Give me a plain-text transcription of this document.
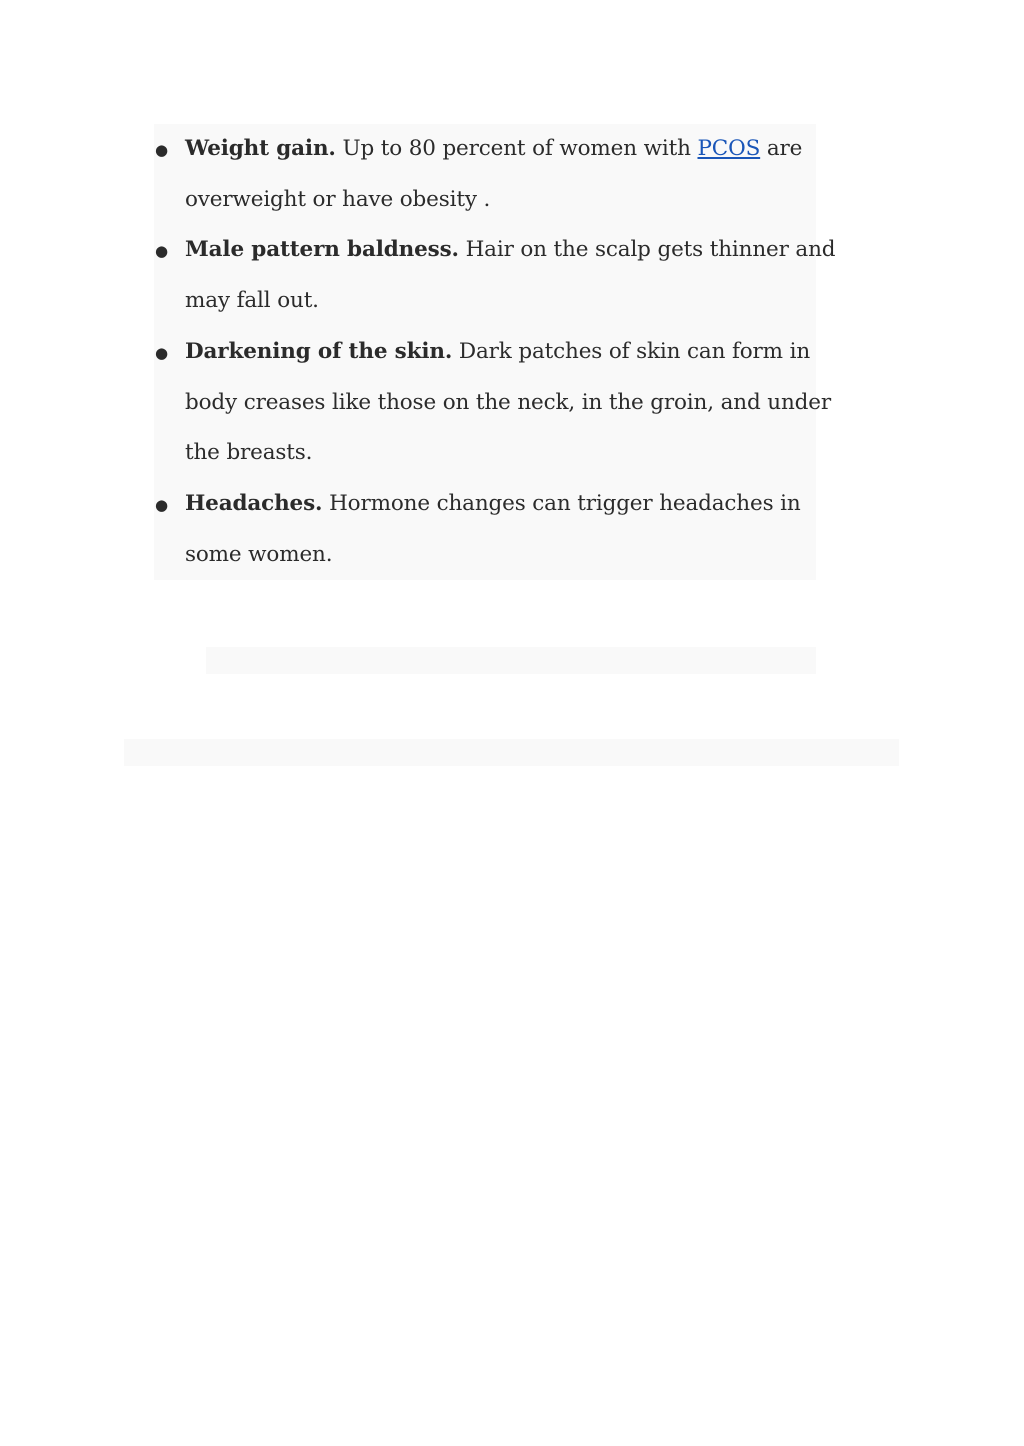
● Weight gain. Up to 80 percent of women with PCOS are
overweight or have obesity .
● Male pattern baldness. Hair on the scalp gets thinner and
may fall out.
● Darkening of the skin. Dark patches of skin can form in
body creases like those on the neck, in the groin, and under
the breasts.
● Headaches. Hormone changes can trigger headaches in
some women.
